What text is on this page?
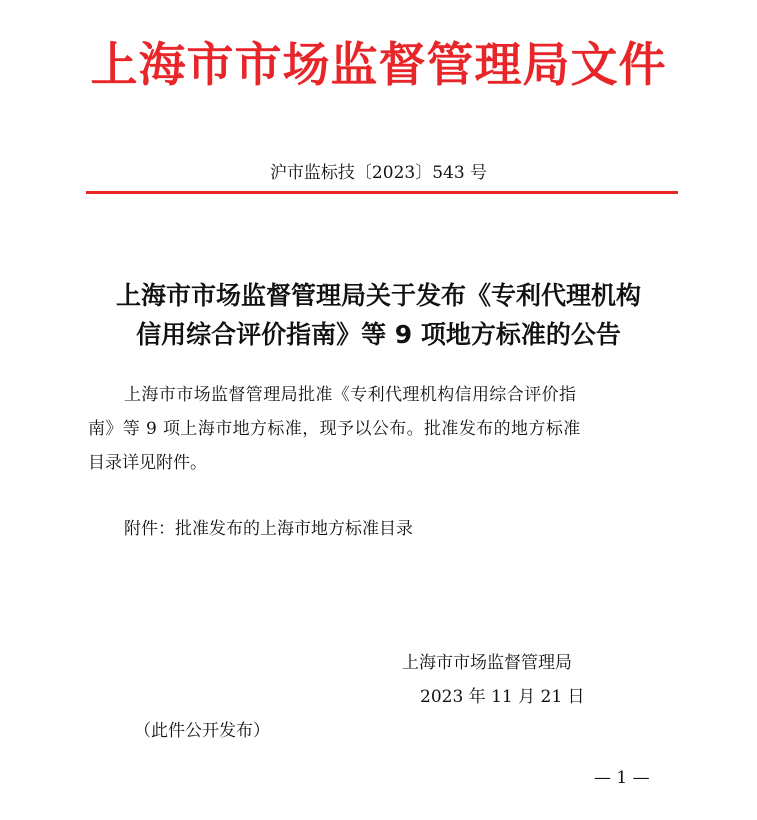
上海市市场监督管理局文件
沪市监标技〔2023〕543 号
上海市市场监督管理局关于发布《专利代理机构
信用综合评价指南》等 9 项地方标准的公告
上海市市场监督管理局批准《专利代理机构信用综合评价指
南》等 9 项上海市地方标准，现予以公布。批准发布的地方标准
目录详见附件。
附件：批准发布的上海市地方标准目录
上海市市场监督管理局
2023 年 11 月 21 日
（此件公开发布）
— 1 —
